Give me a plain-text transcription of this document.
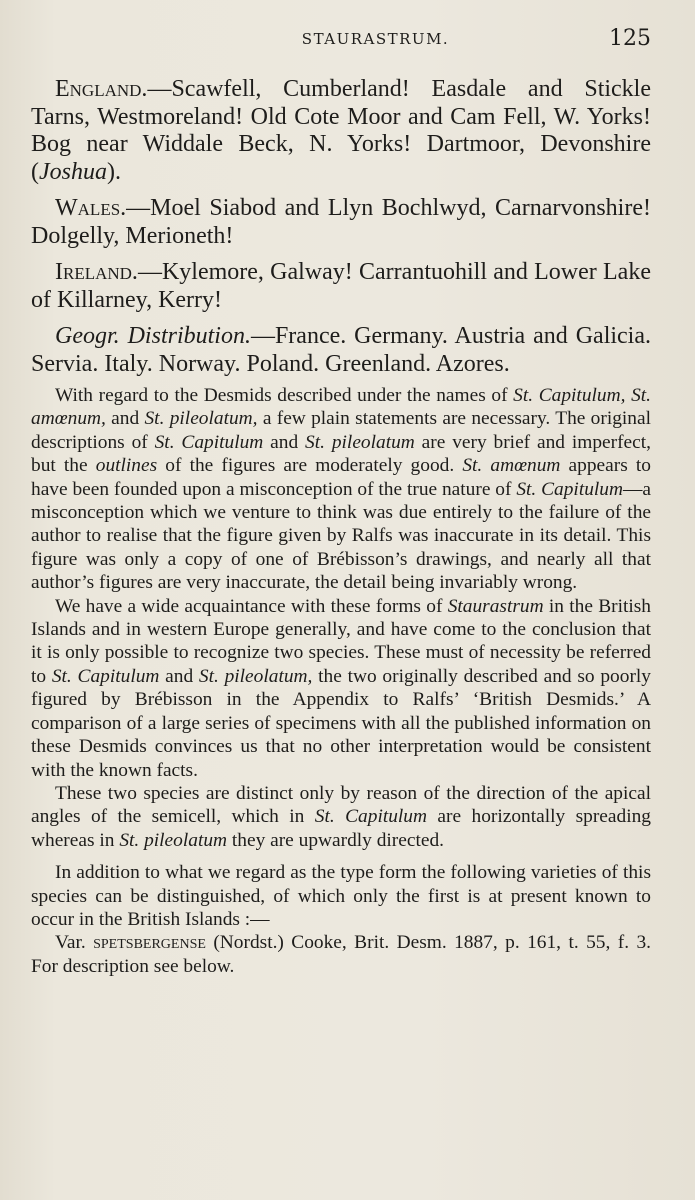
STAURASTRUM.	125

England.—Scawfell, Cumberland! Easdale and Stickle Tarns, Westmoreland! Old Cote Moor and Cam Fell, W. Yorks! Bog near Widdale Beck, N. Yorks! Dartmoor, Devonshire (Joshua).

Wales.—Moel Siabod and Llyn Bochlwyd, Carnarvonshire! Dolgelly, Merioneth!

Ireland.—Kylemore, Galway! Carrantuohill and Lower Lake of Killarney, Kerry!

Geogr. Distribution.—France. Germany. Austria and Galicia. Servia. Italy. Norway. Poland. Greenland. Azores.

With regard to the Desmids described under the names of St. Capitulum, St. amœnum, and St. pileolatum, a few plain statements are necessary. The original descriptions of St. Capitulum and St. pileolatum are very brief and imperfect, but the outlines of the figures are moderately good. St. amœnum appears to have been founded upon a misconception of the true nature of St. Capitulum—a misconception which we venture to think was due entirely to the failure of the author to realise that the figure given by Ralfs was inaccurate in its detail. This figure was only a copy of one of Brébisson’s drawings, and nearly all that author’s figures are very inaccurate, the detail being invariably wrong.

We have a wide acquaintance with these forms of Staurastrum in the British Islands and in western Europe generally, and have come to the conclusion that it is only possible to recognize two species. These must of necessity be referred to St. Capitulum and St. pileolatum, the two originally described and so poorly figured by Brébisson in the Appendix to Ralfs’ ‘British Desmids.’ A comparison of a large series of specimens with all the published information on these Desmids convinces us that no other interpretation would be consistent with the known facts.

These two species are distinct only by reason of the direction of the apical angles of the semicell, which in St. Capitulum are horizontally spreading whereas in St. pileolatum they are upwardly directed.

In addition to what we regard as the type form the following varieties of this species can be distinguished, of which only the first is at present known to occur in the British Islands :—

Var. spetsbergense (Nordst.) Cooke, Brit. Desm. 1887, p. 161, t. 55, f. 3. For description see below.
